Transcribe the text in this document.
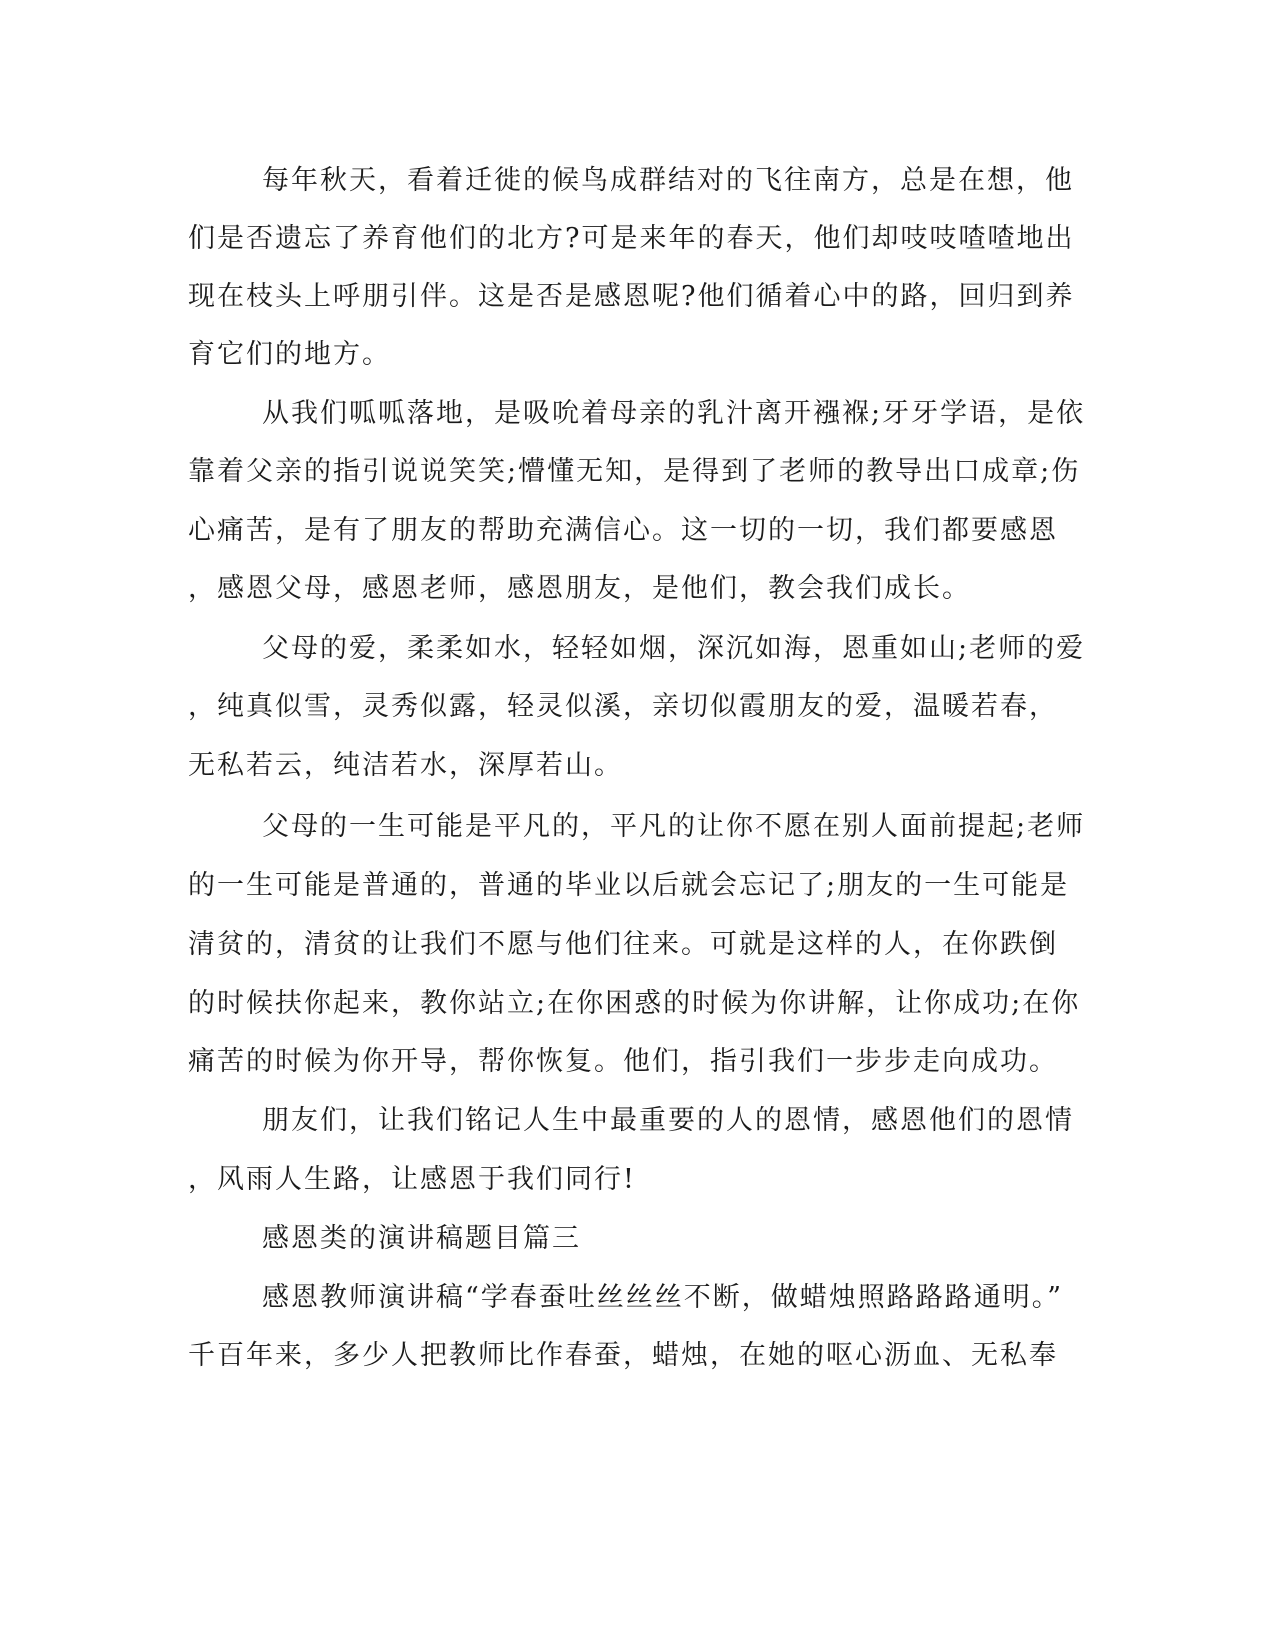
每年秋天，看着迁徙的候鸟成群结对的飞往南方，总是在想，他
们是否遗忘了养育他们的北方?可是来年的春天，他们却吱吱喳喳地出
现在枝头上呼朋引伴。这是否是感恩呢?他们循着心中的路，回归到养
育它们的地方。
从我们呱呱落地，是吸吮着母亲的乳汁离开襁褓;牙牙学语，是依
靠着父亲的指引说说笑笑;懵懂无知，是得到了老师的教导出口成章;伤
心痛苦，是有了朋友的帮助充满信心。这一切的一切，我们都要感恩
，感恩父母，感恩老师，感恩朋友，是他们，教会我们成长。
父母的爱，柔柔如水，轻轻如烟，深沉如海，恩重如山;老师的爱
，纯真似雪，灵秀似露，轻灵似溪，亲切似霞朋友的爱，温暖若春，
无私若云，纯洁若水，深厚若山。
父母的一生可能是平凡的，平凡的让你不愿在别人面前提起;老师
的一生可能是普通的，普通的毕业以后就会忘记了;朋友的一生可能是
清贫的，清贫的让我们不愿与他们往来。可就是这样的人，在你跌倒
的时候扶你起来，教你站立;在你困惑的时候为你讲解，让你成功;在你
痛苦的时候为你开导，帮你恢复。他们，指引我们一步步走向成功。
朋友们，让我们铭记人生中最重要的人的恩情，感恩他们的恩情
，风雨人生路，让感恩于我们同行!
感恩类的演讲稿题目篇三
感恩教师演讲稿“学春蚕吐丝丝丝不断，做蜡烛照路路路通明。”
千百年来，多少人把教师比作春蚕，蜡烛，在她的呕心沥血、无私奉
